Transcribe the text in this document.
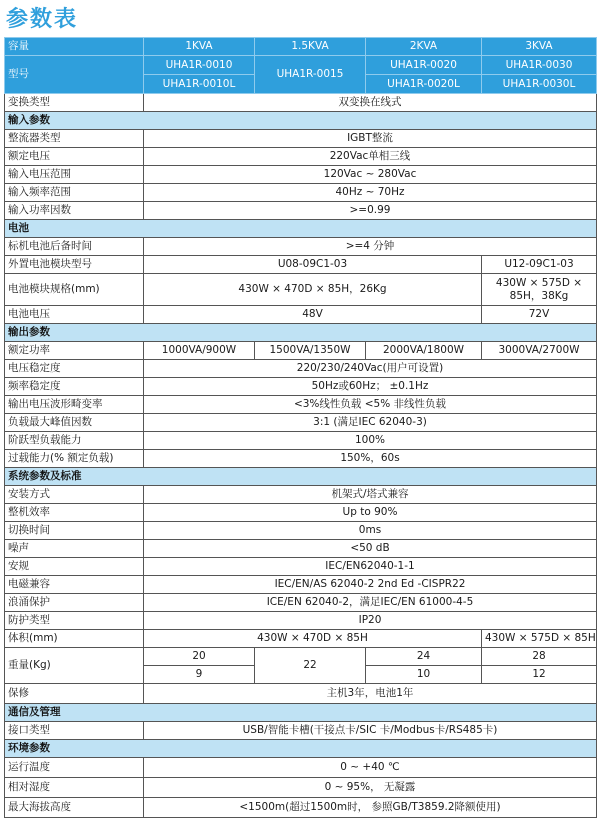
参数表
容量	1KVA	1.5KVA	2KVA	3KVA
型号	UHA1R-0010	UHA1R-0015	UHA1R-0020	UHA1R-0030
	UHA1R-0010L		UHA1R-0020L	UHA1R-0030L
变换类型	双变换在线式			
输入参数				
整流器类型	IGBT整流			
额定电压	220Vac单相三线			
输入电压范围	120Vac ~ 280Vac			
输入频率范围	40Hz ~ 70Hz			
输入功率因数	>=0.99			
电池				
标机电池后备时间	>=4 分钟			
外置电池模块型号	U08-09C1-03			U12-09C1-03
电池模块规格(mm)	430W × 470D × 85H，26Kg			430W × 575D ×
85H，38Kg
电池电压	48V			72V
输出参数				
额定功率	1000VA/900W	1500VA/1350W	2000VA/1800W	3000VA/2700W
电压稳定度	220/230/240Vac(用户可设置)			
频率稳定度	50Hz或60Hz； ±0.1Hz			
输出电压波形畸变率	<3%线性负载 <5% 非线性负载			
负载最大峰值因数	3:1 (满足IEC 62040-3)			
阶跃型负载能力	100%			
过载能力(% 额定负载)	150%，60s			
系统参数及标准				
安装方式	机架式/塔式兼容			
整机效率	Up to 90%			
切换时间	0ms			
噪声	<50 dB			
安规	IEC/EN62040-1-1			
电磁兼容	IEC/EN/AS 62040-2 2nd Ed -CISPR22			
浪涌保护	ICE/EN 62040-2，满足IEC/EN 61000-4-5			
防护类型	IP20			
体积(mm)	430W × 470D × 85H			430W × 575D × 85H
重量(Kg)	20	22	24	28
	9		10	12
保修	主机3年，电池1年			
通信及管理				
接口类型	USB/智能卡槽(干接点卡/SIC 卡/Modbus卡/RS485卡)			
环境参数				
运行温度	0 ~ +40 ℃			
相对湿度	0 ~ 95%， 无凝露			
最大海拔高度	<1500m(超过1500m时， 参照GB/T3859.2降额使用)			
